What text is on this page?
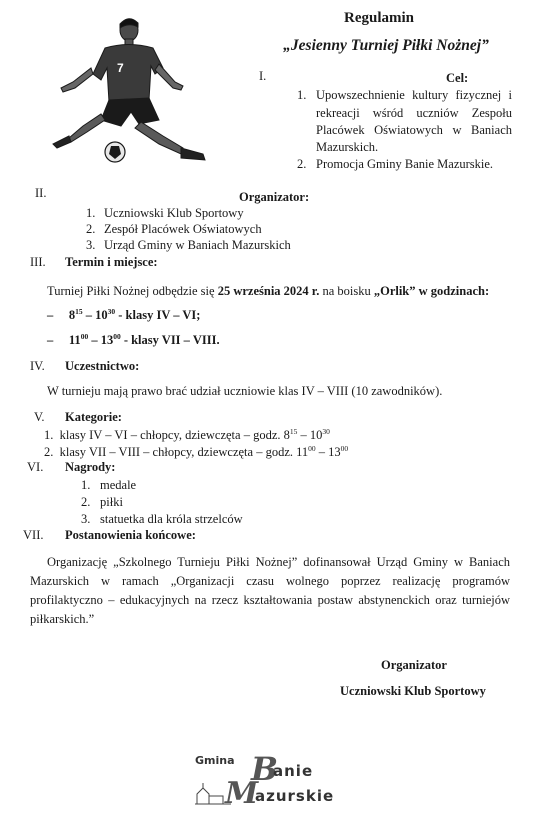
7
Regulamin
„Jesienny Turniej Piłki Nożnej”
I.	Cel:
1. Upowszechnienie kultury fizycznej i
rekreacji wśród uczniów Zespołu
Placówek Oświatowych w Baniach
Mazurskich.
2. Promocja Gminy Banie Mazurskie.
II.	Organizator:
1. Uczniowski Klub Sportowy
2. Zespół Placówek Oświatowych
3. Urząd Gminy w Baniach Mazurskich
III. Termin i miejsce:
Turniej Piłki Nożnej odbędzie się 25 września 2024 r. na boisku „Orlik” w godzinach:
– $8^{15} - 10^{30}$ - klasy IV – VI;
– $11^{00} - 13^{00}$ - klasy VII – VIII.
IV. Uczestnictwo:
W turnieju mają prawo brać udział uczniowie klas IV – VIII (10 zawodników).
V. Kategorie:
1. klasy IV – VI – chłopcy, dziewczęta – godz. $8^{15} - 10^{30}$
2. klasy VII – VIII – chłopcy, dziewczęta – godz. $11^{00} - 13^{00}$
VI. Nagrody:
1. medale
2. piłki
3. statuetka dla króla strzelców
VII. Postanowienia końcowe:
Organizację „Szkolnego Turnieju Piłki Nożnej” dofinansował Urząd Gminy w Baniach
Mazurskich w ramach „Organizacji czasu wolnego poprzez realizację programów
profilaktyczno – edukacyjnych na rzecz kształtowania postaw abstynenckich oraz turniejów
piłkarskich.”
Organizator
Uczniowski Klub Sportowy
Gmina B
anie
M
azurskie
